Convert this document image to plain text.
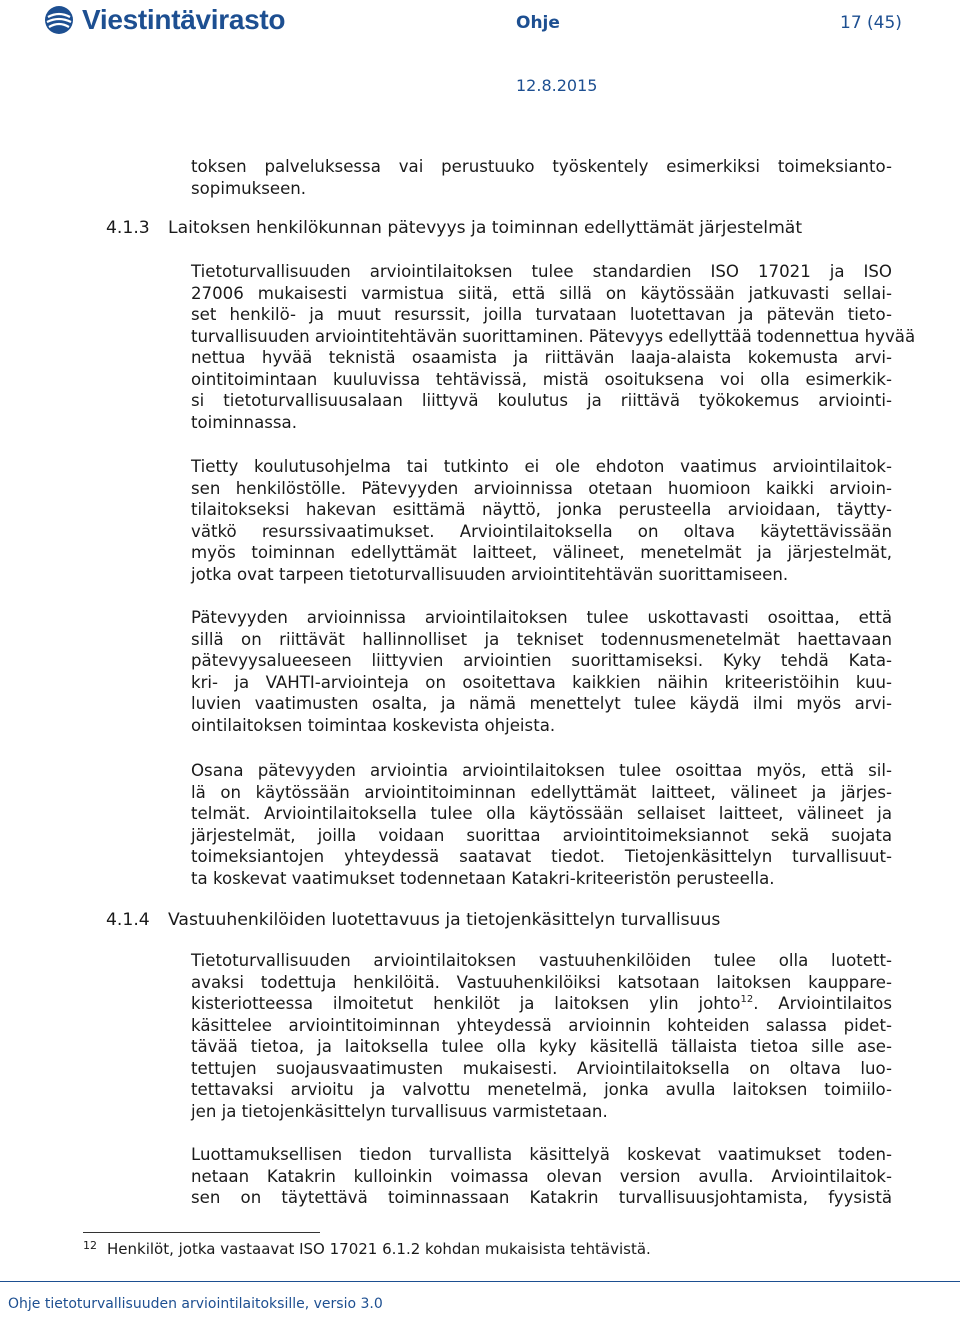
Viestintävirasto	Ohje	17 (45)
12.8.2015
toksen palveluksessa vai perustuuko työskentely esimerkiksi toimeksianto-
sopimukseen.
4.1.3 Laitoksen henkilökunnan pätevyys ja toiminnan edellyttämät järjestelmät
Tietoturvallisuuden arviointilaitoksen tulee standardien ISO 17021 ja ISO
27006 mukaisesti varmistua siitä, että sillä on käytössään jatkuvasti sellai-
set henkilö- ja muut resurssit, joilla turvataan luotettavan ja pätevän tieto-
turvallisuuden arviointitehtävän suorittaminen. Pätevyys edellyttää todennettua hyvää
nettua hyvää teknistä osaamista ja riittävän laaja-alaista kokemusta arvi-
ointitoimintaan kuuluvissa tehtävissä, mistä osoituksena voi olla esimerkik-
si tietoturvallisuusalaan liittyvä koulutus ja riittävä työkokemus arviointi-
toiminnassa.
Tietty koulutusohjelma tai tutkinto ei ole ehdoton vaatimus arviointilaitok-
sen henkilöstölle. Pätevyyden arvioinnissa otetaan huomioon kaikki arvioin-
tilaitokseksi hakevan esittämä näyttö, jonka perusteella arvioidaan, täytty-
vätkö resurssivaatimukset. Arviointilaitoksella on oltava käytettävissään
myös toiminnan edellyttämät laitteet, välineet, menetelmät ja järjestelmät,
jotka ovat tarpeen tietoturvallisuuden arviointitehtävän suorittamiseen.
Pätevyyden arvioinnissa arviointilaitoksen tulee uskottavasti osoittaa, että
sillä on riittävät hallinnolliset ja tekniset todennusmenetelmät haettavaan
pätevyysalueeseen liittyvien arviointien suorittamiseksi. Kyky tehdä Kata-
kri- ja VAHTI-arviointeja on osoitettava kaikkien näihin kriteeristöihin kuu-
luvien vaatimusten osalta, ja nämä menettelyt tulee käydä ilmi myös arvi-
ointilaitoksen toimintaa koskevista ohjeista.
Osana pätevyyden arviointia arviointilaitoksen tulee osoittaa myös, että sil-
lä on käytössään arviointitoiminnan edellyttämät laitteet, välineet ja järjes-
telmät. Arviointilaitoksella tulee olla käytössään sellaiset laitteet, välineet ja
järjestelmät, joilla voidaan suorittaa arviointitoimeksiannot sekä suojata
toimeksiantojen yhteydessä saatavat tiedot. Tietojenkäsittelyn turvallisuut-
ta koskevat vaatimukset todennetaan Katakri-kriteeristön perusteella.
4.1.4 Vastuuhenkilöiden luotettavuus ja tietojenkäsittelyn turvallisuus
Tietoturvallisuuden arviointilaitoksen vastuuhenkilöiden tulee olla luotett-
avaksi todettuja henkilöitä. Vastuuhenkilöiksi katsotaan laitoksen kauppare-
kisteriotteessa ilmoitetut henkilöt ja laitoksen ylin johto$^{12}$. Arviointilaitos
käsittelee arviointitoiminnan yhteydessä arvioinnin kohteiden salassa pidet-
tävää tietoa, ja laitoksella tulee olla kyky käsitellä tällaista tietoa sille ase-
tettujen suojausvaatimusten mukaisesti. Arviointilaitoksella on oltava luo-
tettavaksi arvioitu ja valvottu menetelmä, jonka avulla laitoksen toimiilo-
jen ja tietojenkäsittelyn turvallisuus varmistetaan.
Luottamuksellisen tiedon turvallista käsittelyä koskevat vaatimukset toden-
netaan Katakrin kulloinkin voimassa olevan version avulla. Arviointilaitok-
sen on täytettävä toiminnassaan Katakrin turvallisuusjohtamista, fyysistä
$^{12}$ Henkilöt, jotka vastaavat ISO 17021 6.1.2 kohdan mukaisista tehtävistä.
Ohje tietoturvallisuuden arviointilaitoksille, versio 3.0
